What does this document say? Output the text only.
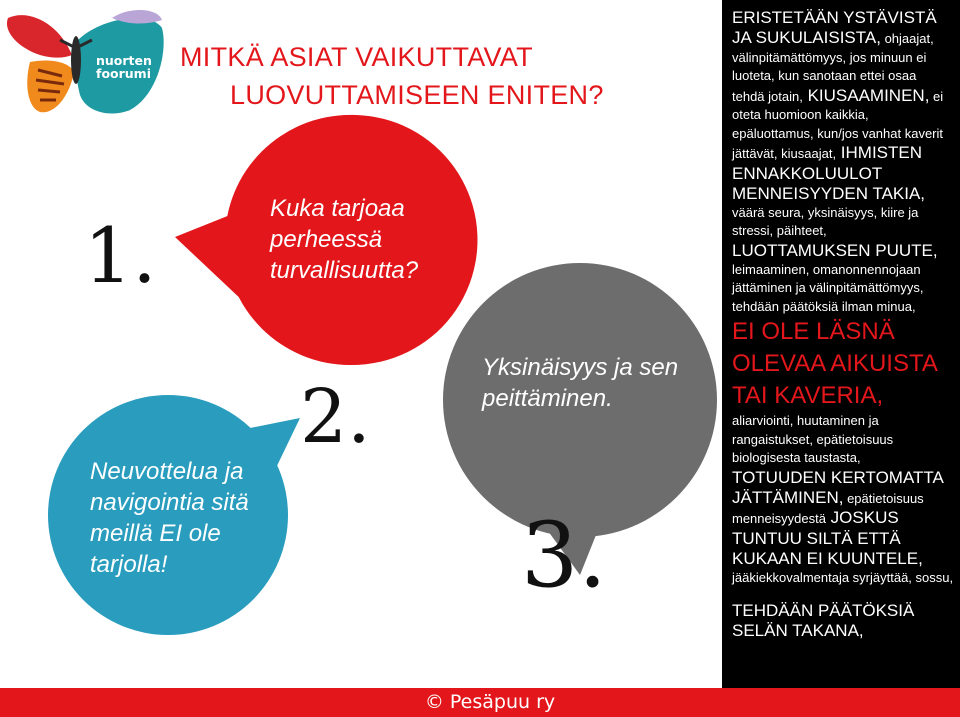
nuorten
foorumi
MITKÄ ASIAT VAIKUTTAVAT
LUOVUTTAMISEEN ENITEN?
Kuka tarjoaa perheessä turvallisuutta?
Yksinäisyys ja sen peittäminen.
Neuvottelua ja navigointia sitä meillä EI ole tarjolla!
1.
2.
3.
ERISTETÄÄN YSTÄVISTÄ
JA SUKULAISISTA, ohjaajat,
välinpitämättömyys, jos minuun ei
luoteta, kun sanotaan ettei osaa
tehdä jotain, KIUSAAMINEN, ei
oteta huomioon kaikkia,
epäluottamus, kun/jos vanhat kaverit
jättävät, kiusaajat, IHMISTEN
ENNAKKOLUULOT
MENNEISYYDEN TAKIA,
väärä seura, yksinäisyys, kiire ja
stressi, päihteet,
LUOTTAMUKSEN PUUTE,
leimaaminen, omanonnennojaan
jättäminen ja välinpitämättömyys,
tehdään päätöksiä ilman minua,
EI OLE LÄSNÄ
OLEVAA AIKUISTA
TAI KAVERIA,
aliarviointi, huutaminen ja
rangaistukset, epätietoisuus
biologisesta taustasta,
TOTUUDEN KERTOMATTA
JÄTTÄMINEN, epätietoisuus
menneisyydestä JOSKUS
TUNTUU SILTÄ ETTÄ
KUKAAN EI KUUNTELE,
jääkiekkovalmentaja syrjäyttää, sossu,
TEHDÄÄN PÄÄTÖKSIÄ
SELÄN TAKANA,
© Pesäpuu ry
